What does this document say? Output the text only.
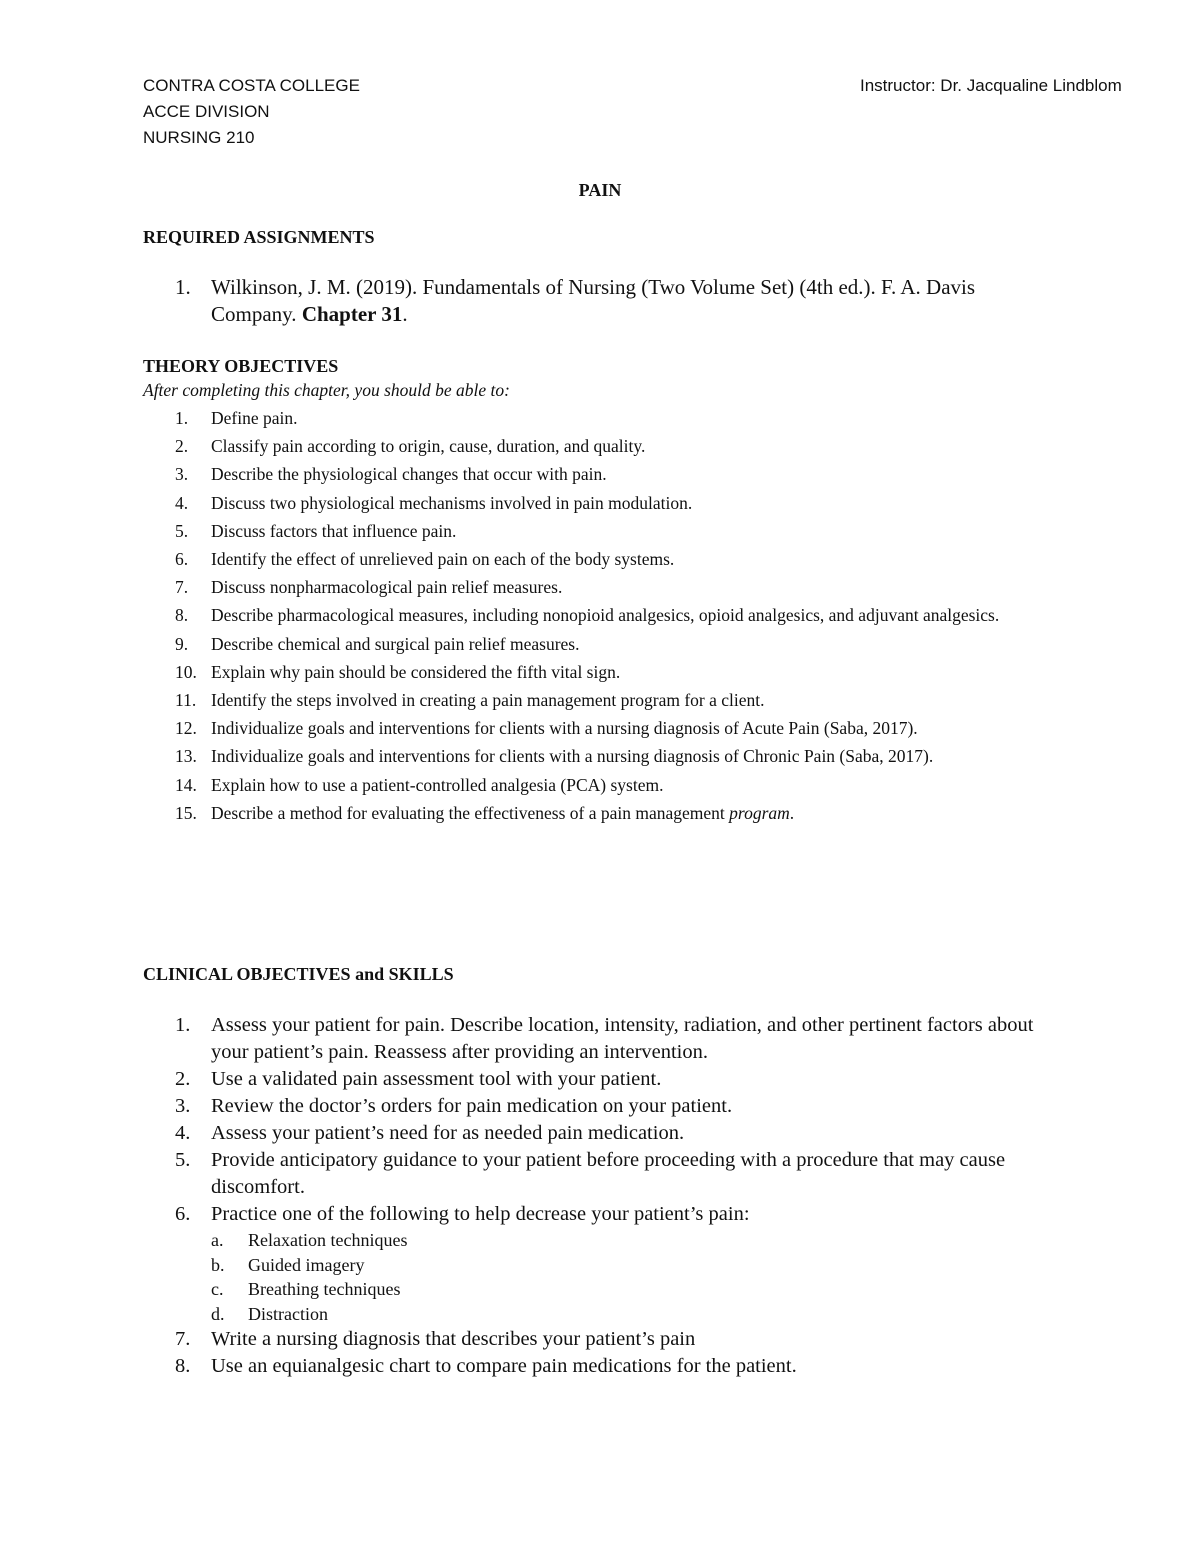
CONTRA COSTA COLLEGE
ACCE DIVISION
NURSING 210
Instructor: Dr. Jacqualine Lindblom
PAIN
REQUIRED ASSIGNMENTS
1. Wilkinson, J. M. (2019). Fundamentals of Nursing (Two Volume Set) (4th ed.). F. A. Davis Company. Chapter 31.
THEORY OBJECTIVES
After completing this chapter, you should be able to:
1. Define pain.
2. Classify pain according to origin, cause, duration, and quality.
3. Describe the physiological changes that occur with pain.
4. Discuss two physiological mechanisms involved in pain modulation.
5. Discuss factors that influence pain.
6. Identify the effect of unrelieved pain on each of the body systems.
7. Discuss nonpharmacological pain relief measures.
8. Describe pharmacological measures, including nonopioid analgesics, opioid analgesics, and adjuvant analgesics.
9. Describe chemical and surgical pain relief measures.
10. Explain why pain should be considered the fifth vital sign.
11. Identify the steps involved in creating a pain management program for a client.
12. Individualize goals and interventions for clients with a nursing diagnosis of Acute Pain (Saba, 2017).
13. Individualize goals and interventions for clients with a nursing diagnosis of Chronic Pain (Saba, 2017).
14. Explain how to use a patient-controlled analgesia (PCA) system.
15. Describe a method for evaluating the effectiveness of a pain management program.
CLINICAL OBJECTIVES and SKILLS
1. Assess your patient for pain. Describe location, intensity, radiation, and other pertinent factors about your patient’s pain. Reassess after providing an intervention.
2. Use a validated pain assessment tool with your patient.
3. Review the doctor’s orders for pain medication on your patient.
4. Assess your patient’s need for as needed pain medication.
5. Provide anticipatory guidance to your patient before proceeding with a procedure that may cause discomfort.
6. Practice one of the following to help decrease your patient’s pain:
a. Relaxation techniques
b. Guided imagery
c. Breathing techniques
d. Distraction
7. Write a nursing diagnosis that describes your patient’s pain
8. Use an equianalgesic chart to compare pain medications for the patient.
